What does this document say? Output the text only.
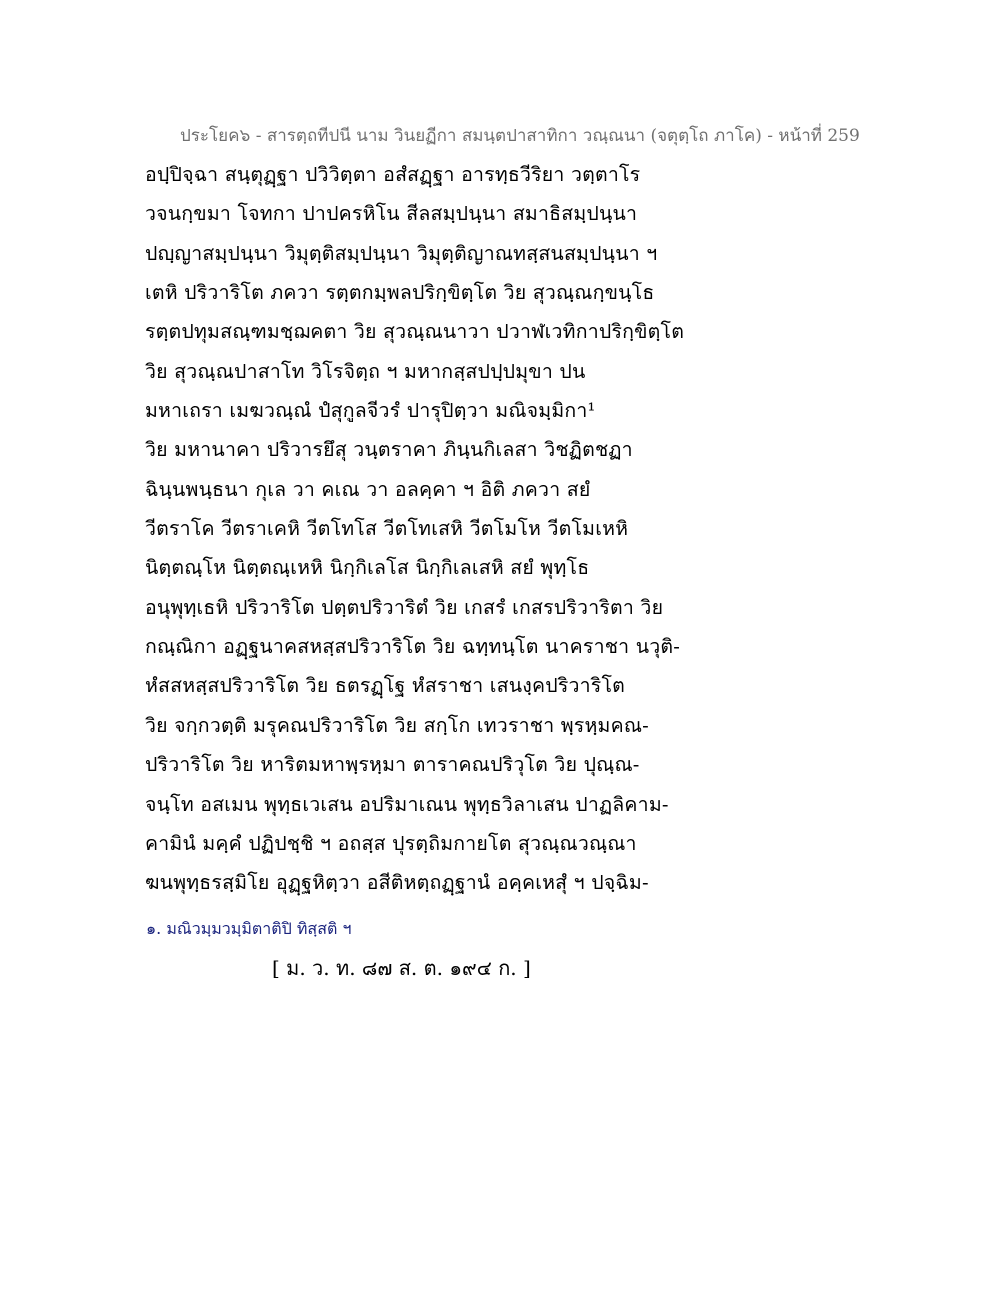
ประโยค๖ - สารตฺถทีปนี นาม วินยฏีกา สมนฺตปาสาทิกา วณฺณนา (จตุตฺโถ ภาโค) - หน้าที่ 259
อปฺปิจฺฉา สนฺตุฏฺฐา ปวิวิตฺตา อสํสฏฺฐา อารทฺธวีริยา วตฺตาโร
วจนกฺขมา โจทกา ปาปครหิโน สีลสมฺปนฺนา สมาธิสมฺปนฺนา
ปญฺญาสมฺปนฺนา วิมุตฺติสมฺปนฺนา วิมุตฺติญาณทสฺสนสมฺปนฺนา ฯ
เตหิ ปริวาริโต ภควา รตฺตกมฺพลปริกฺขิตฺโต วิย สุวณฺณกฺขนฺโธ
รตฺตปทุมสณฺฑมชฺฌคตา วิย สุวณฺณนาวา ปวาฬเวทิกาปริกฺขิตฺโต
วิย สุวณฺณปาสาโท วิโรจิตฺถ ฯ มหากสฺสปปฺปมุขา ปน
มหาเถรา เมฆวณฺณํ ปํสุกูลจีวรํ ปารุปิตฺวา มณิจมฺมิกา¹
วิย มหานาคา ปริวารยึสุ วนฺตราคา ภินฺนกิเลสา วิชฏิตชฏา
ฉินฺนพนฺธนา กุเล วา คเณ วา อลคฺคา ฯ อิติ ภควา สยํ
วีตราโค วีตราเคหิ วีตโทโส วีตโทเสหิ วีตโมโห วีตโมเหหิ
นิตฺตณฺโห นิตฺตณฺเหหิ นิกฺกิเลโส นิกฺกิเลเสหิ สยํ พุทฺโธ
อนุพุทฺเธหิ ปริวาริโต ปตฺตปริวาริตํ วิย เกสรํ เกสรปริวาริตา วิย
กณฺณิกา อฏฺฐนาคสหสฺสปริวาริโต วิย ฉทฺทนฺโต นาคราชา นวุติ-
หํสสหสฺสปริวาริโต วิย ธตรฏฺโฐ หํสราชา เสนงฺคปริวาริโต
วิย จกฺกวตฺติ มรุคณปริวาริโต วิย สกฺโก เทวราชา พฺรหฺมคณ-
ปริวาริโต วิย หาริตมหาพฺรหฺมา ตาราคณปริวุโต วิย ปุณฺณ-
จนฺโท อสเมน พุทฺธเวเสน อปริมาเณน พุทฺธวิลาเสน ปาฏลิคาม-
คามินํ มคฺคํ ปฏิปชฺชิ ฯ อถสฺส ปุรตฺถิมกายโต สุวณฺณวณฺณา
ฆนพุทฺธรสฺมิโย อุฏฺฐหิตฺวา อสีติหตฺถฏฺฐานํ อคฺคเหสุํ ฯ ปจฺฉิม-
๑. มณิวมฺมวมฺมิตาติปิ ทิสฺสติ ฯ
[ ม. ว. ท. ๘๗ ส. ต. ๑๙๔ ก. ]
